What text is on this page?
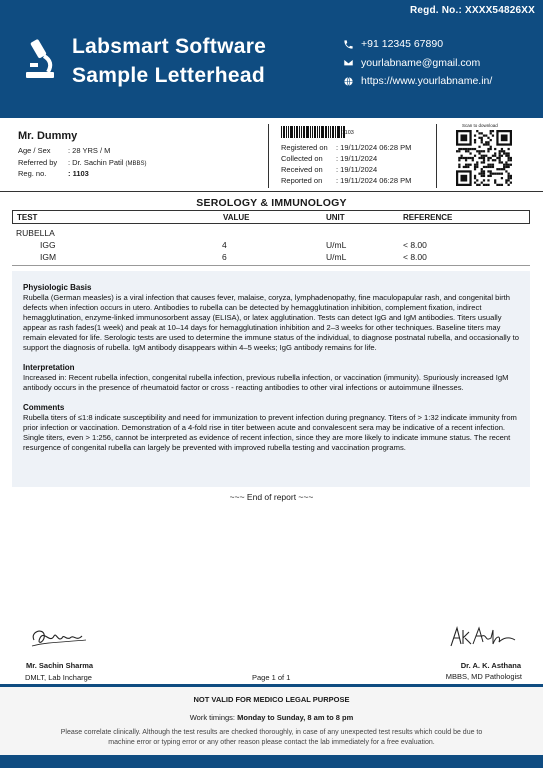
Regd. No.: XXXX54826XX
Labsmart Software
Sample Letterhead
+91 12345 67890
yourlabname@gmail.com
https://www.yourlabname.in/
Mr. Dummy
Age / Sex	: 28 YRS / M
Referred by	: Dr. Sachin Patil (MBBS)
Reg. no.	: 1103
1103
Registered on	: 19/11/2024 06:28 PM
Collected on	: 19/11/2024
Received on	: 19/11/2024
Reported on	: 19/11/2024 06:28 PM
Scan to download
SEROLOGY & IMMUNOLOGY
TEST	VALUE	UNIT	REFERENCE
RUBELLA
IGG	4	U/mL	< 8.00
IGM	6	U/mL	< 8.00
Physiologic Basis
Rubella (German measles) is a viral infection that causes fever, malaise, coryza, lymphadenopathy, fine maculopapular rash, and congenital birth defects when infection occurs in utero. Antibodies to rubella can be detected by hemagglutination inhibition, complement fixation, indirect hemagglutination, enzyme-linked immunosorbent assay (ELISA), or latex agglutination. Tests can detect IgG and IgM antibodies. Titers usually appear as rash fades(1 week) and peak at 10–14 days for hemagglutination inhibition and 2–3 weeks for other techniques. Baseline titers may remain elevated for life. Serologic tests are used to determine the immune status of the individual, to diagnose postnatal rubella, and occasionally to support the diagnosis of rubella. IgM antibody disappears within 4–5 weeks; IgG antibody remains for life.
Interpretation
Increased in: Recent rubella infection, congenital rubella infection, previous rubella infection, or vaccination (immunity). Spuriously increased IgM antibody occurs in the presence of rheumatoid factor or cross - reacting antibodies to other viral infections or autoimmune illnesses.
Comments
Rubella titers of ≤1:8 indicate susceptibility and need for immunization to prevent infection during pregnancy. Titers of > 1:32 indicate immunity from prior infection or vaccination. Demonstration of a 4-fold rise in titer between acute and convalescent sera may be indicative of a recent infection. Single titers, even > 1:256, cannot be interpreted as evidence of recent infection, since they are more likely to indicate immune status. The recent resurgence of congenital rubella can largely be prevented with improved rubella testing and vaccination programs.
~~~ End of report ~~~
Mr. Sachin Sharma
DMLT, Lab Incharge
Dr. A. K. Asthana
MBBS, MD Pathologist
Page 1 of 1
NOT VALID FOR MEDICO LEGAL PURPOSE
Work timings: Monday to Sunday, 8 am to 8 pm
Please correlate clinically. Although the test results are checked thoroughly, in case of any unexpected test results which could be due to machine error or typing error or any other reason please contact the lab immediately for a free evaluation.
